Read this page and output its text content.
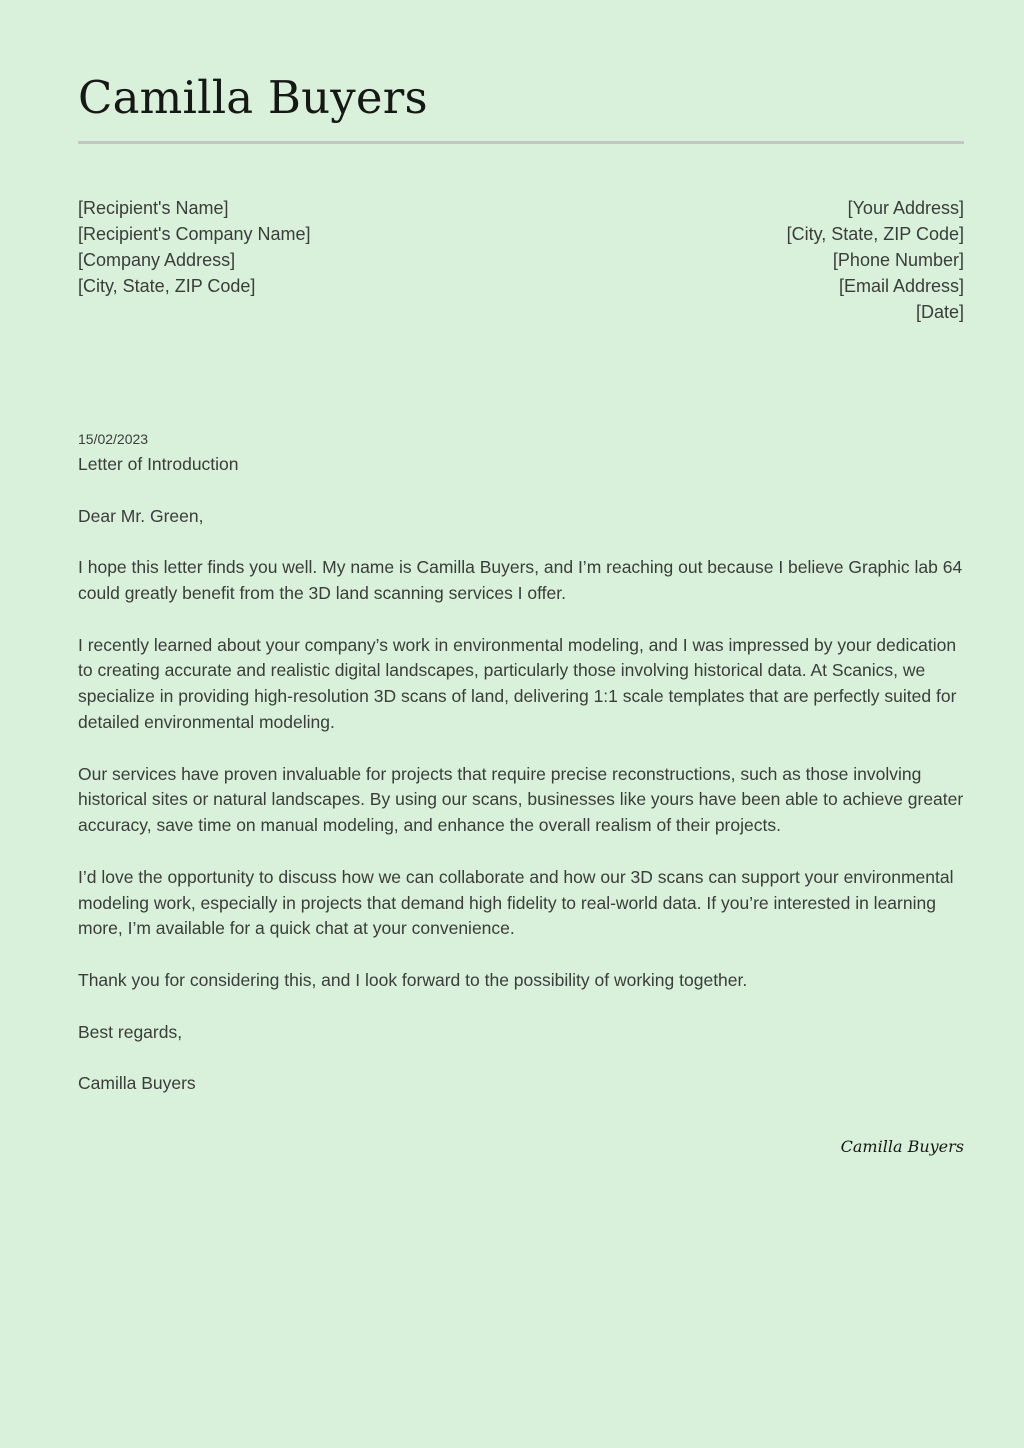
Camilla Buyers
[Recipient's Name]
[Recipient's Company Name]
[Company Address]
[City, State, ZIP Code]
[Your Address]
[City, State, ZIP Code]
[Phone Number]
[Email Address]
[Date]
15/02/2023

Letter of Introduction

Dear Mr. Green,

I hope this letter finds you well. My name is Camilla Buyers, and I’m reaching out because I believe Graphic lab 64 could greatly benefit from the 3D land scanning services I offer.

I recently learned about your company’s work in environmental modeling, and I was impressed by your dedication to creating accurate and realistic digital landscapes, particularly those involving historical data. At Scanics, we specialize in providing high-resolution 3D scans of land, delivering 1:1 scale templates that are perfectly suited for detailed environmental modeling.

Our services have proven invaluable for projects that require precise reconstructions, such as those involving historical sites or natural landscapes. By using our scans, businesses like yours have been able to achieve greater accuracy, save time on manual modeling, and enhance the overall realism of their projects.

I’d love the opportunity to discuss how we can collaborate and how our 3D scans can support your environmental modeling work, especially in projects that demand high fidelity to real-world data. If you’re interested in learning more, I’m available for a quick chat at your convenience.

Thank you for considering this, and I look forward to the possibility of working together.

Best regards,

Camilla Buyers

Camilla Buyers
